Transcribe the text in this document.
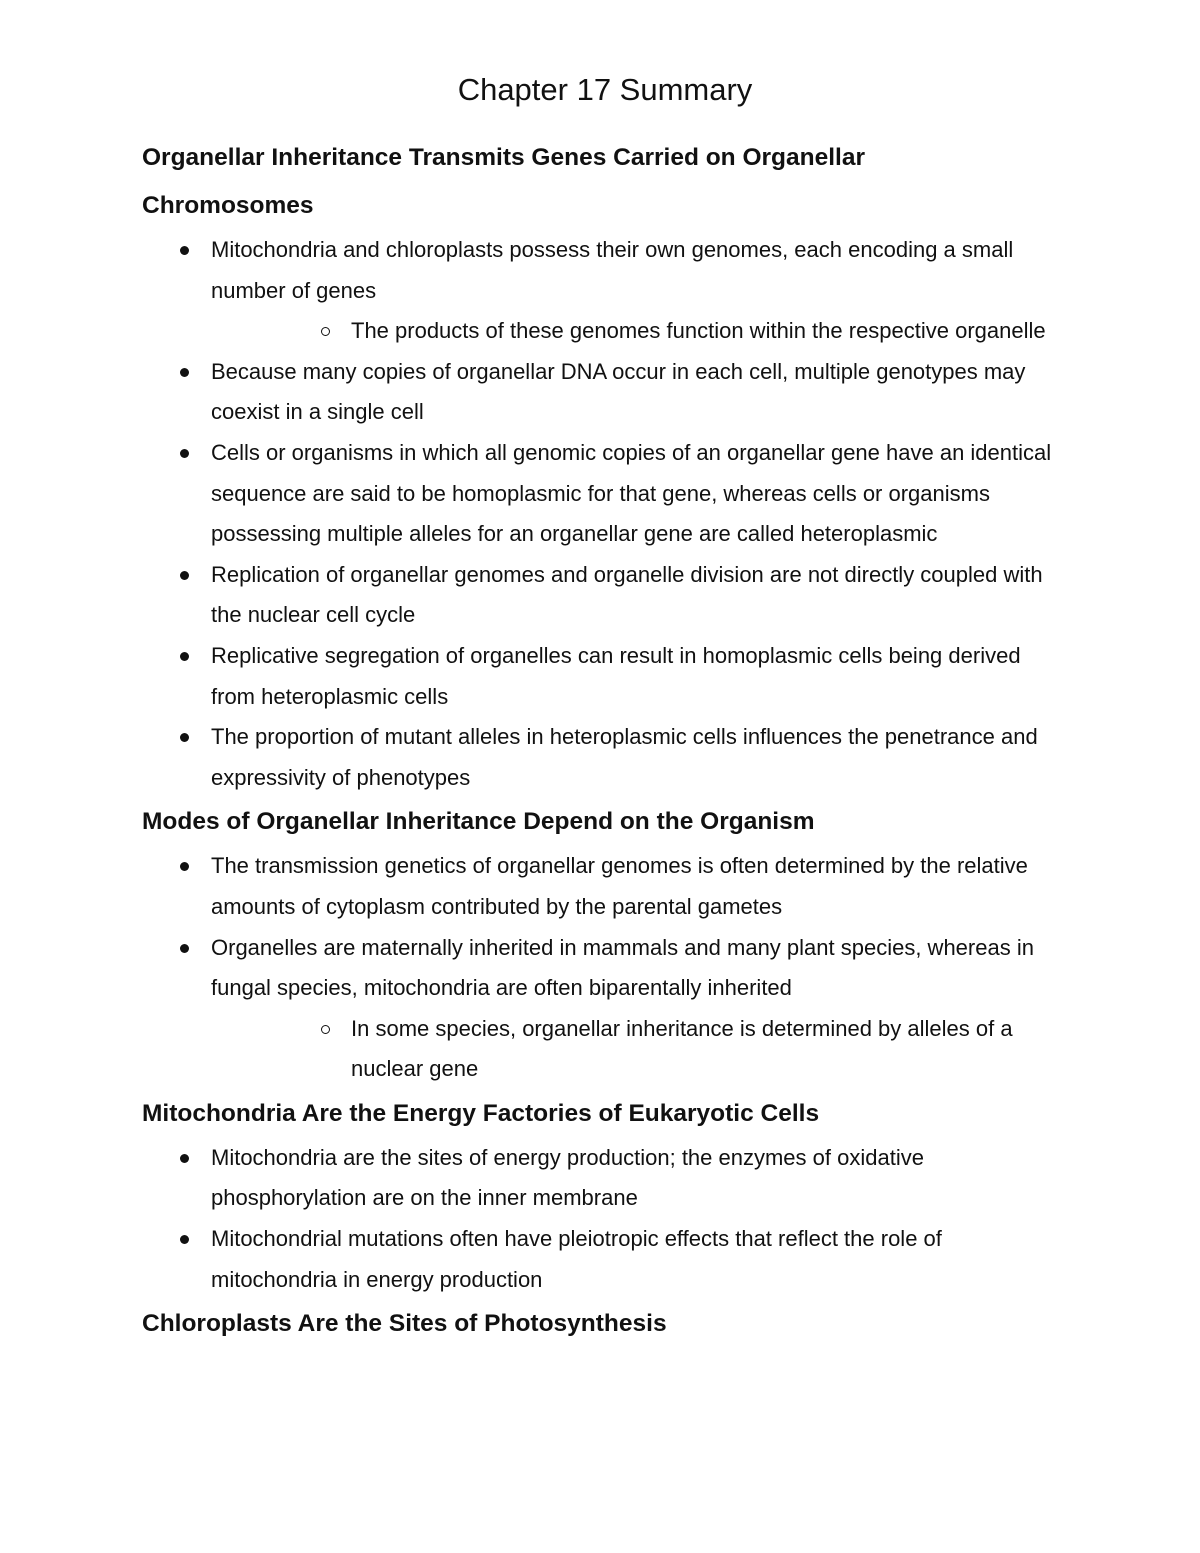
Chapter 17 Summary
Organellar Inheritance Transmits Genes Carried on Organellar
Chromosomes
Mitochondria and chloroplasts possess their own genomes, each encoding a small number of genes
The products of these genomes function within the respective organelle
Because many copies of organellar DNA occur in each cell, multiple genotypes may coexist in a single cell
Cells or organisms in which all genomic copies of an organellar gene have an identical sequence are said to be homoplasmic for that gene, whereas cells or organisms possessing multiple alleles for an organellar gene are called heteroplasmic
Replication of organellar genomes and organelle division are not directly coupled with the nuclear cell cycle
Replicative segregation of organelles can result in homoplasmic cells being derived from heteroplasmic cells
The proportion of mutant alleles in heteroplasmic cells influences the penetrance and expressivity of phenotypes
Modes of Organellar Inheritance Depend on the Organism
The transmission genetics of organellar genomes is often determined by the relative amounts of cytoplasm contributed by the parental gametes
Organelles are maternally inherited in mammals and many plant species, whereas in fungal species, mitochondria are often biparentally inherited
In some species, organellar inheritance is determined by alleles of a nuclear gene
Mitochondria Are the Energy Factories of Eukaryotic Cells
Mitochondria are the sites of energy production; the enzymes of oxidative phosphorylation are on the inner membrane
Mitochondrial mutations often have pleiotropic effects that reflect the role of mitochondria in energy production
Chloroplasts Are the Sites of Photosynthesis
